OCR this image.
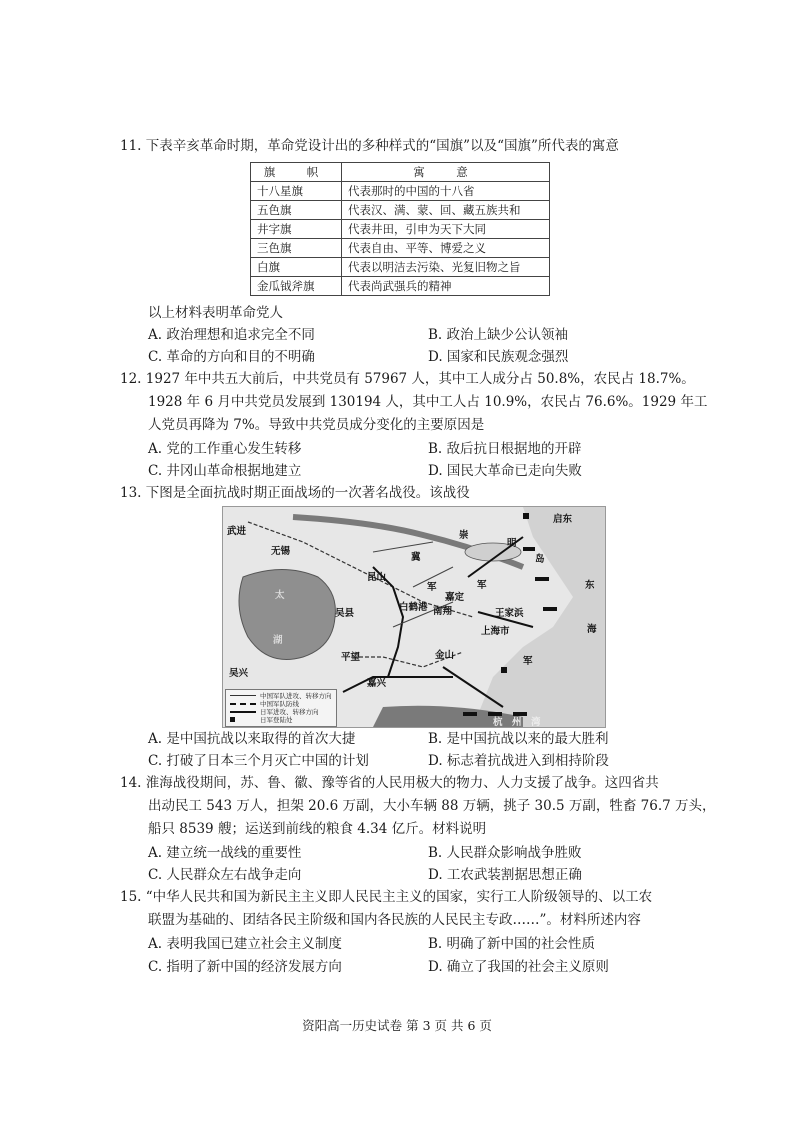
11. 下表辛亥革命时期，革命党设计出的多种样式的“国旗”以及“国旗”所代表的寓意
旗　帜	寓　意
十八星旗	代表那时的中国的十八省
五色旗	代表汉、满、蒙、回、藏五族共和
井字旗	代表井田，引申为天下大同
三色旗	代表自由、平等、博爱之义
白旗	代表以明洁去污染、光复旧物之旨
金瓜钺斧旗	代表尚武强兵的精神
以上材料表明革命党人
A. 政治理想和追求完全不同	B. 政治上缺少公认领袖
C. 革命的方向和目的不明确	D. 国家和民族观念强烈
12. 1927 年中共五大前后，中共党员有 57967 人，其中工人成分占 50.8%，农民占 18.7%。
1928 年 6 月中共党员发展到 130194 人，其中工人占 10.9%，农民占 76.6%。1929 年工
人党员再降为 7%。导致中共党员成分变化的主要原因是
A. 党的工作重心发生转移	B. 敌后抗日根据地的开辟
C. 井冈山革命根据地建立	D. 国民大革命已走向失败
13. 下图是全面抗战时期正面战场的一次著名战役。该战役
武进
无锡
启东
崇
明
岛
东
海
太
湖
吴县
昆山
冀
军
嘉定
南翔
白鹤港
王家浜
军
上海市
军
金山
平望
吴兴
嘉兴
杭　州　湾
中国军队进攻、转移方向
中国军队防线
日军进攻、转移方向
日军登陆处
A. 是中国抗战以来取得的首次大捷	B. 是中国抗战以来的最大胜利
C. 打破了日本三个月灭亡中国的计划	D. 标志着抗战进入到相持阶段
14. 淮海战役期间，苏、鲁、徽、豫等省的人民用极大的物力、人力支援了战争。这四省共
出动民工 543 万人，担架 20.6 万副，大小车辆 88 万辆，挑子 30.5 万副，牲畜 76.7 万头，
船只 8539 艘；运送到前线的粮食 4.34 亿斤。材料说明
A. 建立统一战线的重要性	B. 人民群众影响战争胜败
C. 人民群众左右战争走向	D. 工农武装割据思想正确
15. “中华人民共和国为新民主主义即人民民主主义的国家，实行工人阶级领导的、以工农
联盟为基础的、团结各民主阶级和国内各民族的人民民主专政……”。材料所述内容
A. 表明我国已建立社会主义制度	B. 明确了新中国的社会性质
C. 指明了新中国的经济发展方向	D. 确立了我国的社会主义原则
资阳高一历史试卷 第 3 页 共 6 页
